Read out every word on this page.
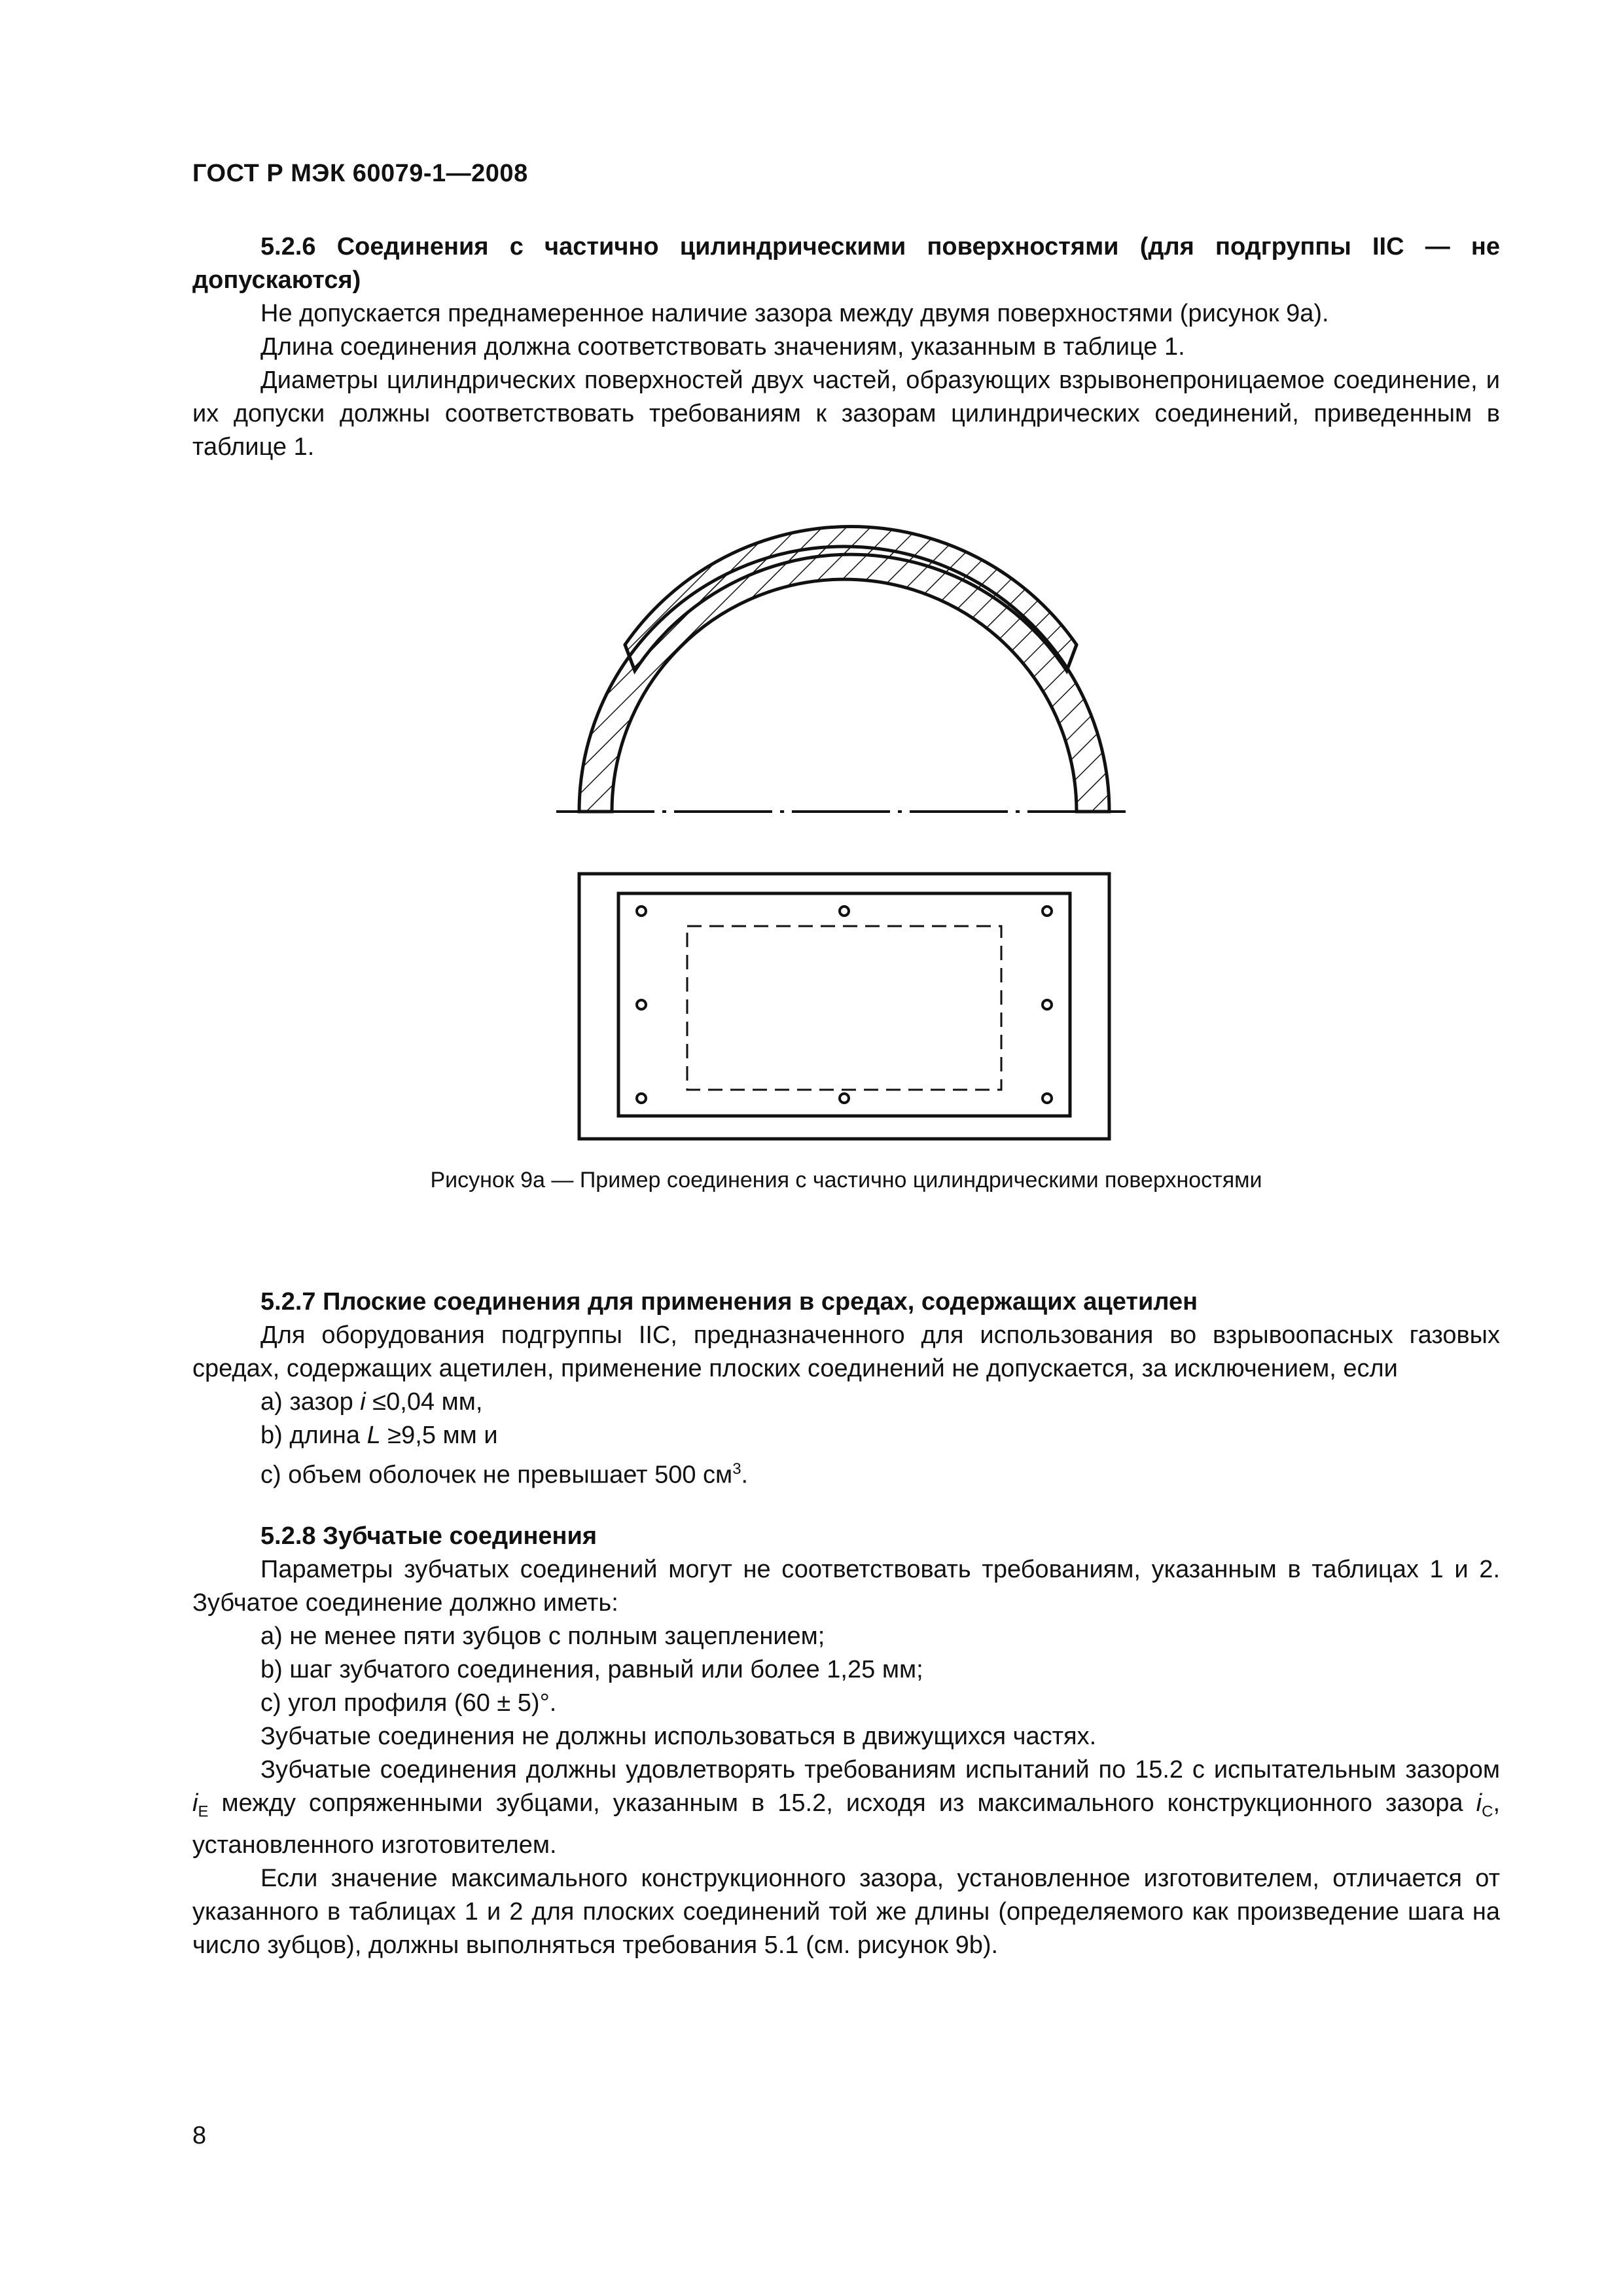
ГОСТ Р МЭК 60079-1—2008

5.2.6 Соединения с частично цилиндрическими поверхностями (для подгруппы IIC — не допускаются)

Не допускается преднамеренное наличие зазора между двумя поверхностями (рисунок 9а).

Длина соединения должна соответствовать значениям, указанным в таблице 1.

Диаметры цилиндрических поверхностей двух частей, образующих взрывонепроницаемое соединение, и их допуски должны соответствовать требованиям к зазорам цилиндрических соединений, приведенным в таблице 1.

Рисунок 9а — Пример соединения с частично цилиндрическими поверхностями

5.2.7 Плоские соединения для применения в средах, содержащих ацетилен

Для оборудования подгруппы IIC, предназначенного для использования во взрывоопасных газовых средах, содержащих ацетилен, применение плоских соединений не допускается, за исключением, если

a) зазор i ≤0,04 мм,

b) длина L ≥9,5 мм и

c) объем оболочек не превышает 500 $см^3$.

5.2.8 Зубчатые соединения

Параметры зубчатых соединений могут не соответствовать требованиям, указанным в таблицах 1 и 2. Зубчатое соединение должно иметь:

a) не менее пяти зубцов с полным зацеплением;

b) шаг зубчатого соединения, равный или более 1,25 мм;

c) угол профиля (60 ± 5)°.

Зубчатые соединения не должны использоваться в движущихся частях.

Зубчатые соединения должны удовлетворять требованиям испытаний по 15.2 с испытательным зазором $i_E$ между сопряженными зубцами, указанным в 15.2, исходя из максимального конструкционного зазора $i_C$, установленного изготовителем.

Если значение максимального конструкционного зазора, установленное изготовителем, отличается от указанного в таблицах 1 и 2 для плоских соединений той же длины (определяемого как произведение шага на число зубцов), должны выполняться требования 5.1 (см. рисунок 9b).

8
